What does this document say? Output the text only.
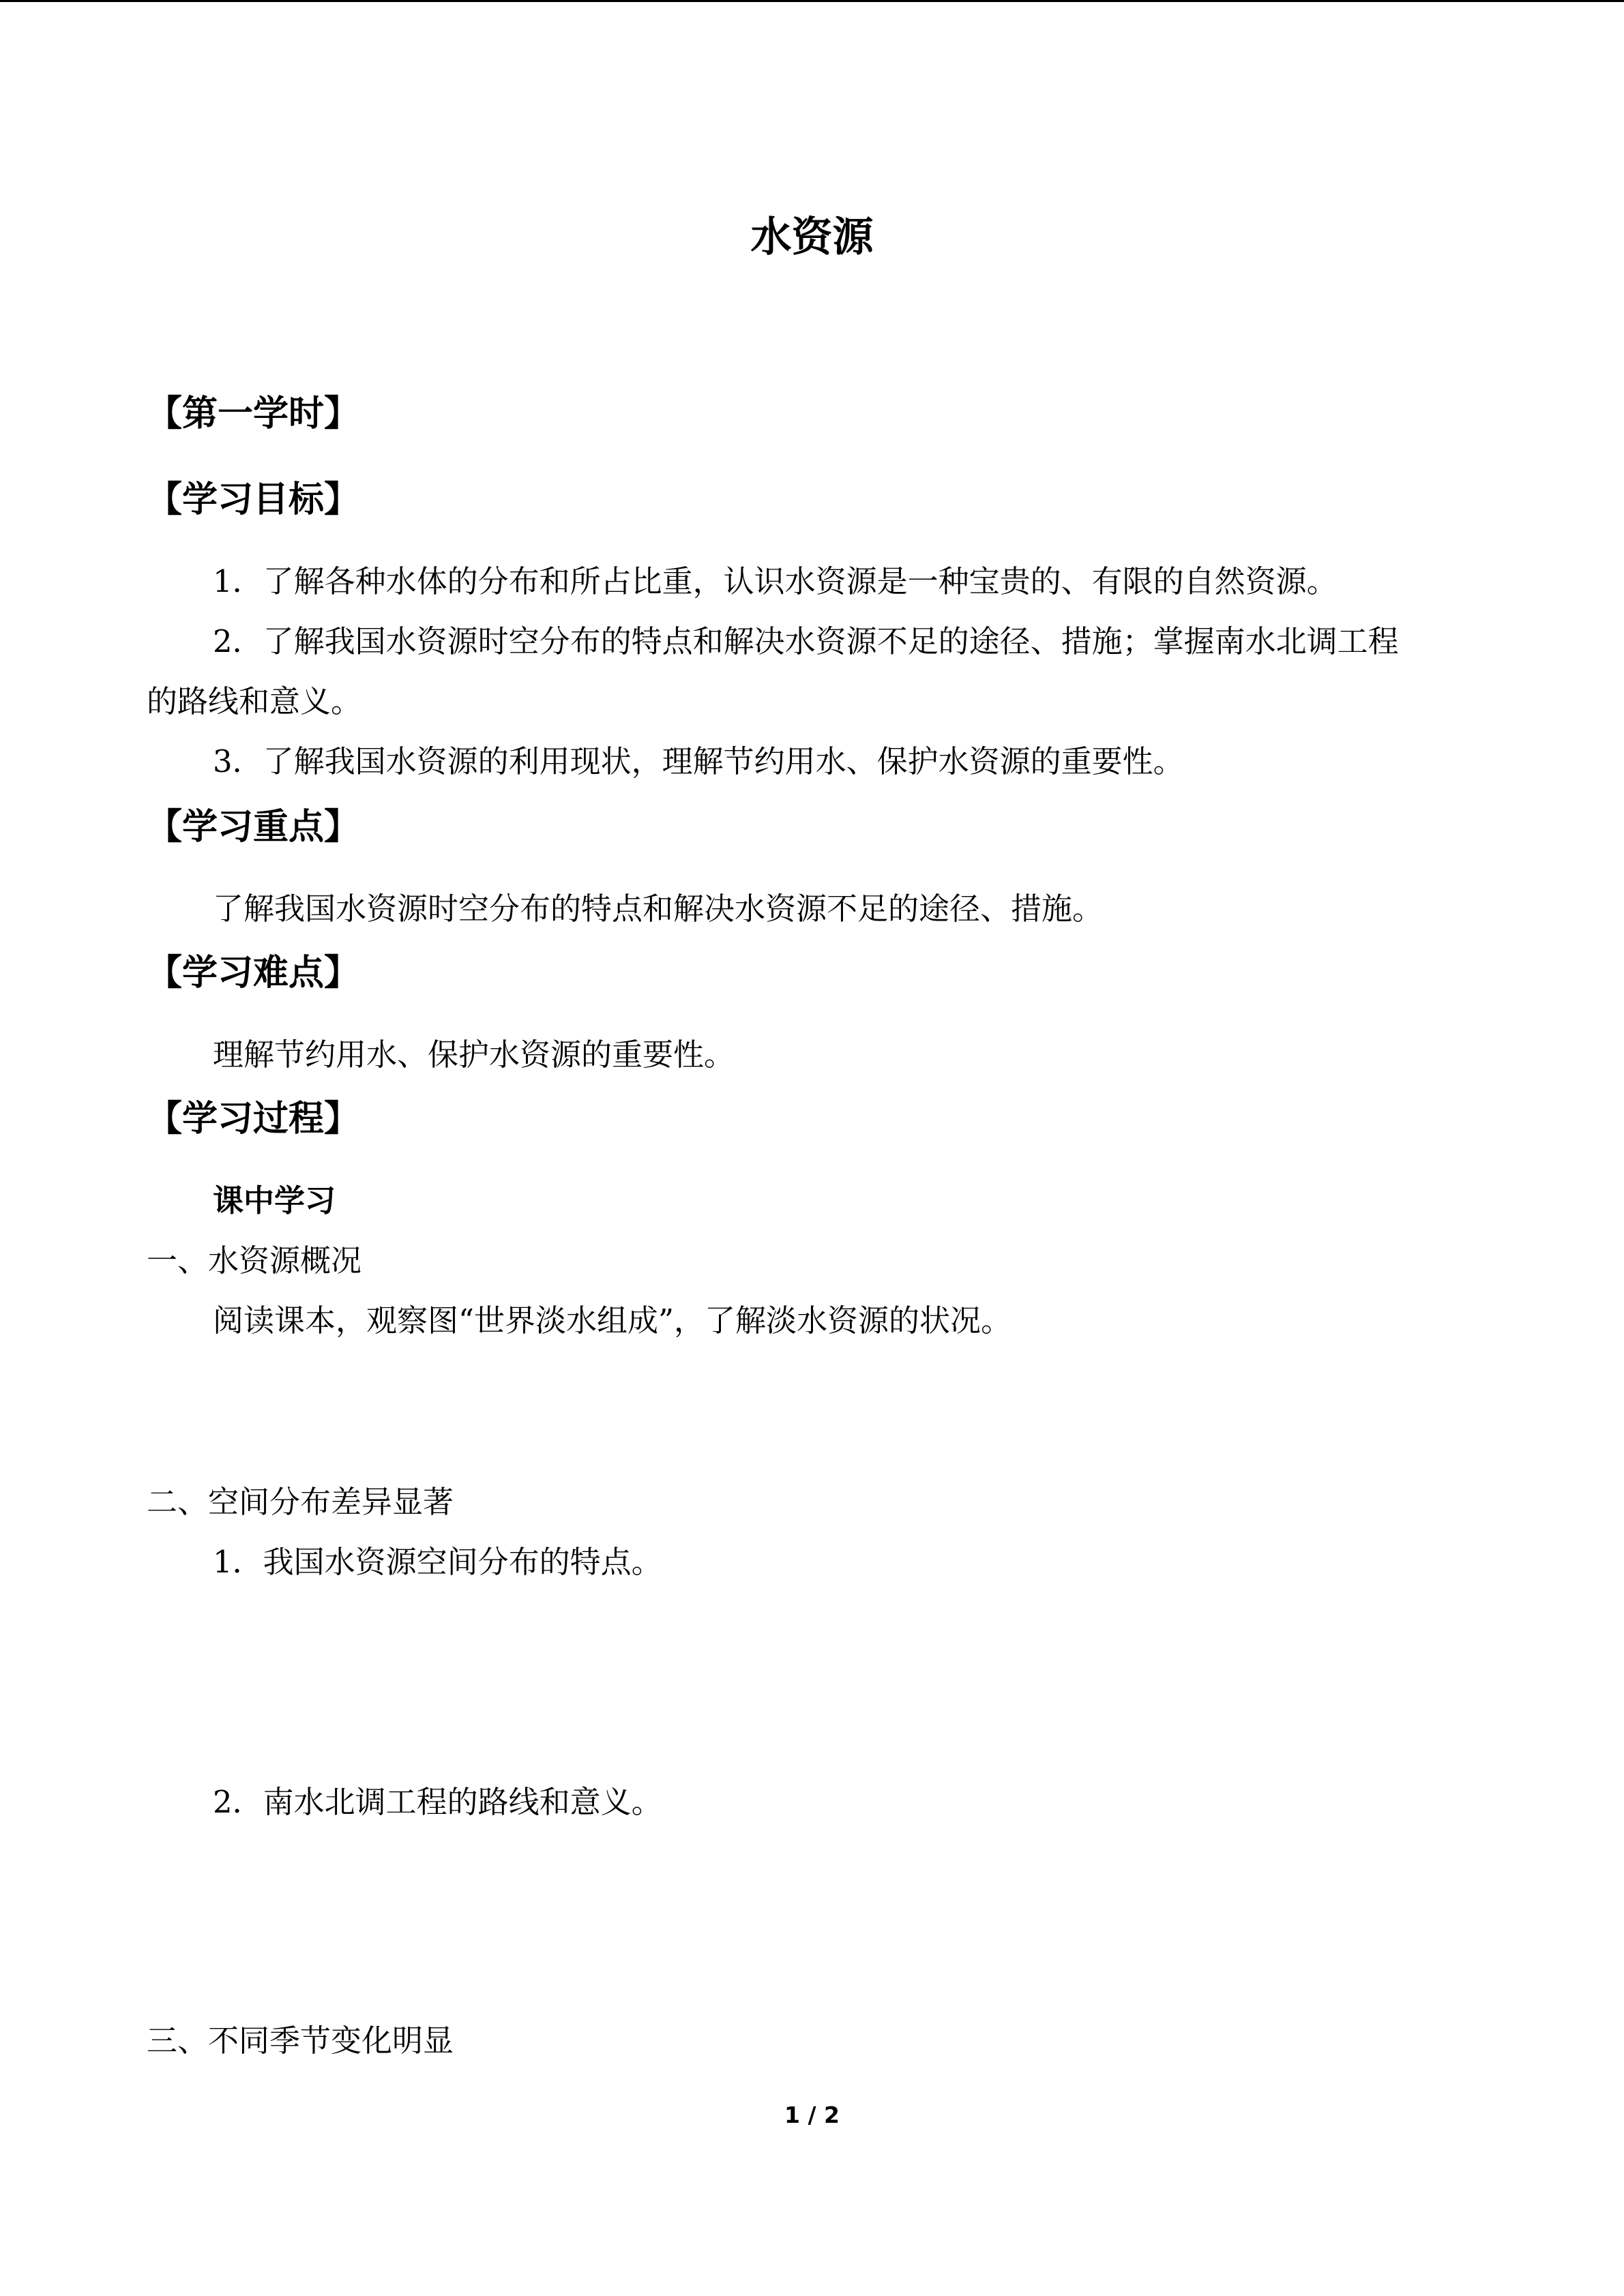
水资源
【第一学时】
【学习目标】
1．了解各种水体的分布和所占比重，认识水资源是一种宝贵的、有限的自然资源。
2．了解我国水资源时空分布的特点和解决水资源不足的途径、措施；掌握南水北调工程
的路线和意义。
3．了解我国水资源的利用现状，理解节约用水、保护水资源的重要性。
【学习重点】
了解我国水资源时空分布的特点和解决水资源不足的途径、措施。
【学习难点】
理解节约用水、保护水资源的重要性。
【学习过程】
课中学习
一、水资源概况
阅读课本，观察图“世界淡水组成”，了解淡水资源的状况。
二、空间分布差异显著
1．我国水资源空间分布的特点。
2．南水北调工程的路线和意义。
三、不同季节变化明显
1 / 2
